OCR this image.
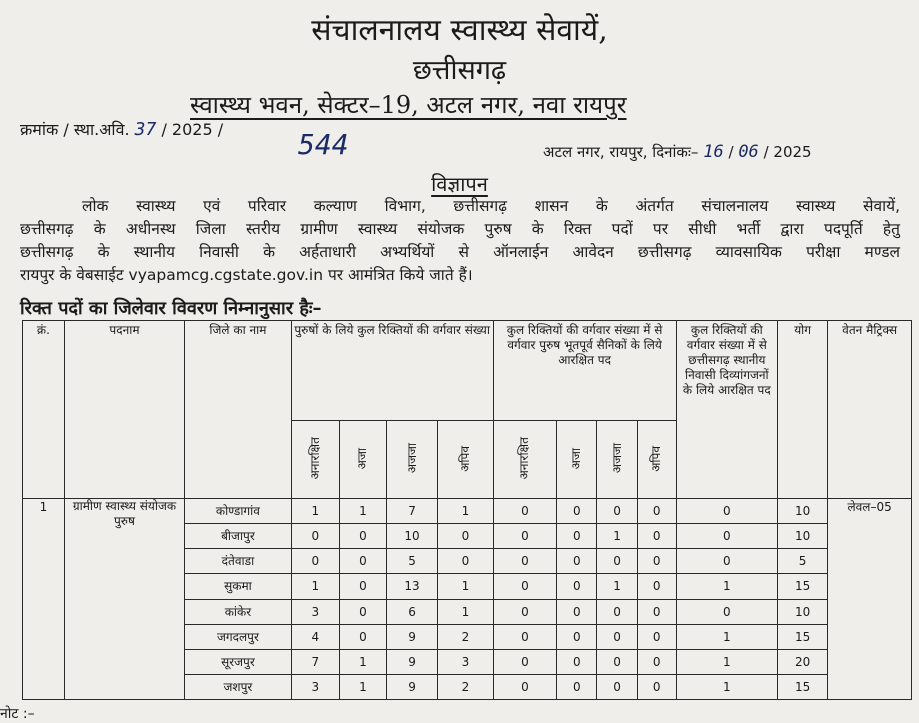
संचालनालय स्वास्थ्य सेवायें,
छत्तीसगढ़
स्वास्थ्य भवन, सेक्टर–19, अटल नगर, नवा रायपुर
क्रमांक / स्था.अवि. 37 / 2025 /	544	अटल नगर, रायपुर, दिनांकः– 16 / 06 / 2025
विज्ञापन

लोक स्वास्थ्य एवं परिवार कल्याण विभाग, छत्तीसगढ़ शासन के अंतर्गत संचालनालय स्वास्थ्य सेवायें,

छत्तीसगढ़ के अधीनस्थ जिला स्तरीय ग्रामीण स्वास्थ्य संयोजक पुरुष के रिक्त पदों पर सीधी भर्ती द्वारा पदपूर्ति हेतु

छत्तीसगढ़ के स्थानीय निवासी के अर्हताधारी अभ्यर्थियों से ऑनलाईन आवेदन छत्तीसगढ़ व्यावसायिक परीक्षा मण्डल

रायपुर के वेबसाईट vyapamcg.cgstate.gov.in पर आमंत्रित किये जाते हैं।

रिक्त पदों का जिलेवार विवरण निम्नानुसार हैः–
क्रं.	पदनाम	जिले का नाम	पुरुषों के लिये कुल रिक्तियों की वर्गवार संख्या				कुल रिक्तियों की वर्गवार संख्या में से वर्गवार पुरुष भूतपूर्व सैनिकों के लिये आरक्षित पद				कुल रिक्तियों की वर्गवार संख्या में से छत्तीसगढ़ स्थानीय निवासी दिव्यांगजनों के लिये आरक्षित पद	योग	वेतन मैट्रिक्स
			अनारक्षित	अजा	अजजा	अपिव	अनारक्षित	अजा	अजजा	अपिव			
1	ग्रामीण स्वास्थ्य संयोजक पुरुष	कोण्डागांव	1	1	7	1	0	0	0	0	0	10	लेवल–05
		बीजापुर	0	0	10	0	0	0	1	0	0	10	
		दंतेवाडा	0	0	5	0	0	0	0	0	0	5	
		सुकमा	1	0	13	1	0	0	1	0	1	15	
		कांकेर	3	0	6	1	0	0	0	0	0	10	
		जगदलपुर	4	0	9	2	0	0	0	0	1	15	
		सूरजपुर	7	1	9	3	0	0	0	0	1	20	
		जशपुर	3	1	9	2	0	0	0	0	1	15	
नोट :–
